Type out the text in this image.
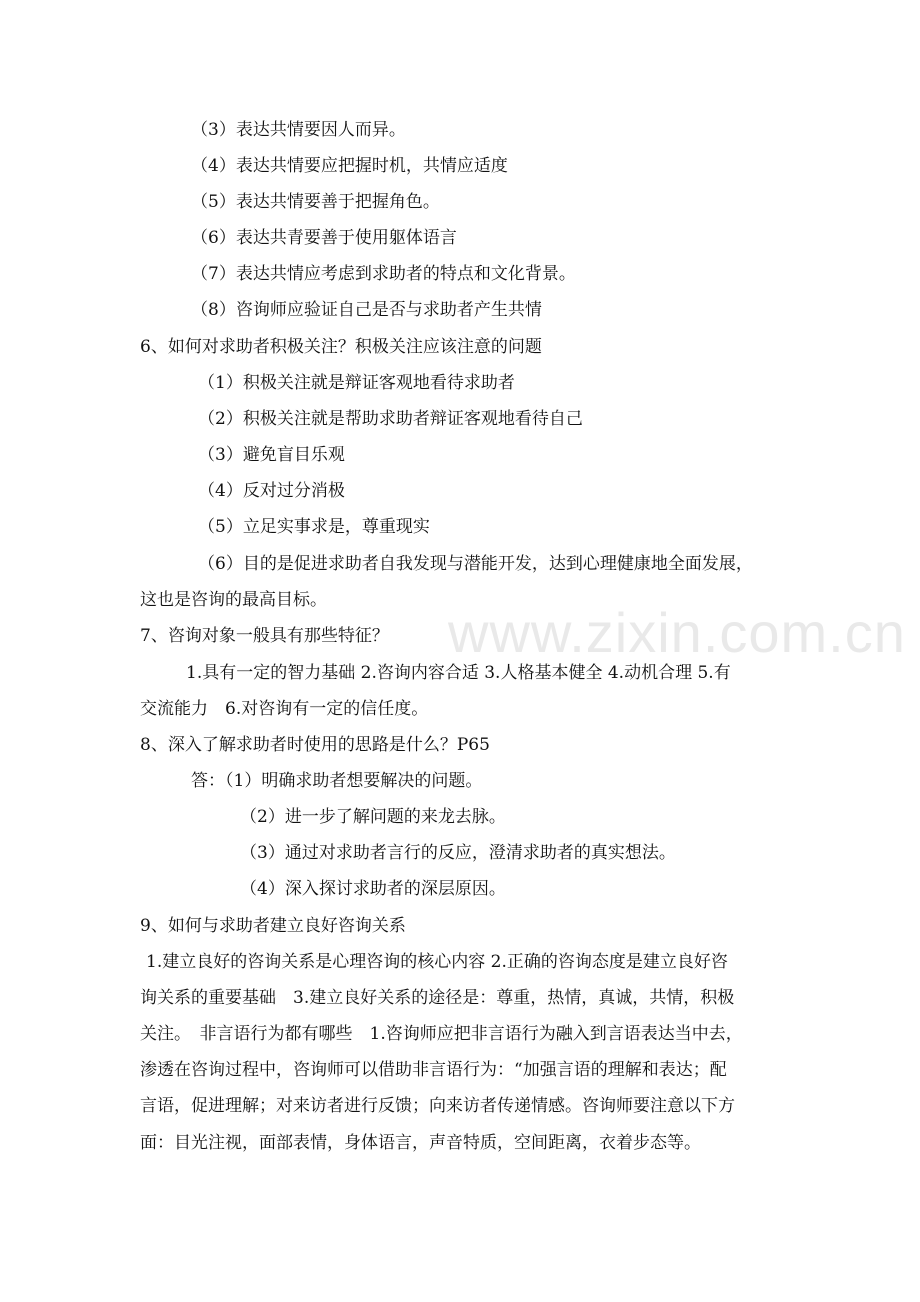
www.zixin.com.cn
（3）表达共情要因人而异。
（4）表达共情要应把握时机，共情应适度
（5）表达共情要善于把握角色。
（6）表达共青要善于使用躯体语言
（7）表达共情应考虑到求助者的特点和文化背景。
（8）咨询师应验证自己是否与求助者产生共情
6、如何对求助者积极关注？积极关注应该注意的问题
（1）积极关注就是辩证客观地看待求助者
（2）积极关注就是帮助求助者辩证客观地看待自己
（3）避免盲目乐观
（4）反对过分消极
（5）立足实事求是，尊重现实
（6）目的是促进求助者自我发现与潜能开发，达到心理健康地全面发展，
这也是咨询的最高目标。
7、咨询对象一般具有那些特征？
1.具有一定的智力基础 2.咨询内容合适 3.人格基本健全 4.动机合理 5.有
交流能力　6.对咨询有一定的信任度。
8、深入了解求助者时使用的思路是什么？P65
答：（1）明确求助者想要解决的问题。
（2）进一步了解问题的来龙去脉。
（3）通过对求助者言行的反应，澄清求助者的真实想法。
（4）深入探讨求助者的深层原因。
9、如何与求助者建立良好咨询关系
1.建立良好的咨询关系是心理咨询的核心内容 2.正确的咨询态度是建立良好咨
询关系的重要基础　3.建立良好关系的途径是：尊重，热情，真诚，共情，积极
关注。　非言语行为都有哪些　1.咨询师应把非言语行为融入到言语表达当中去，
渗透在咨询过程中，咨询师可以借助非言语行为：“加强言语的理解和表达；配
言语，促进理解；对来访者进行反馈；向来访者传递情感。咨询师要注意以下方
面：目光注视，面部表情，身体语言，声音特质，空间距离，衣着步态等。
